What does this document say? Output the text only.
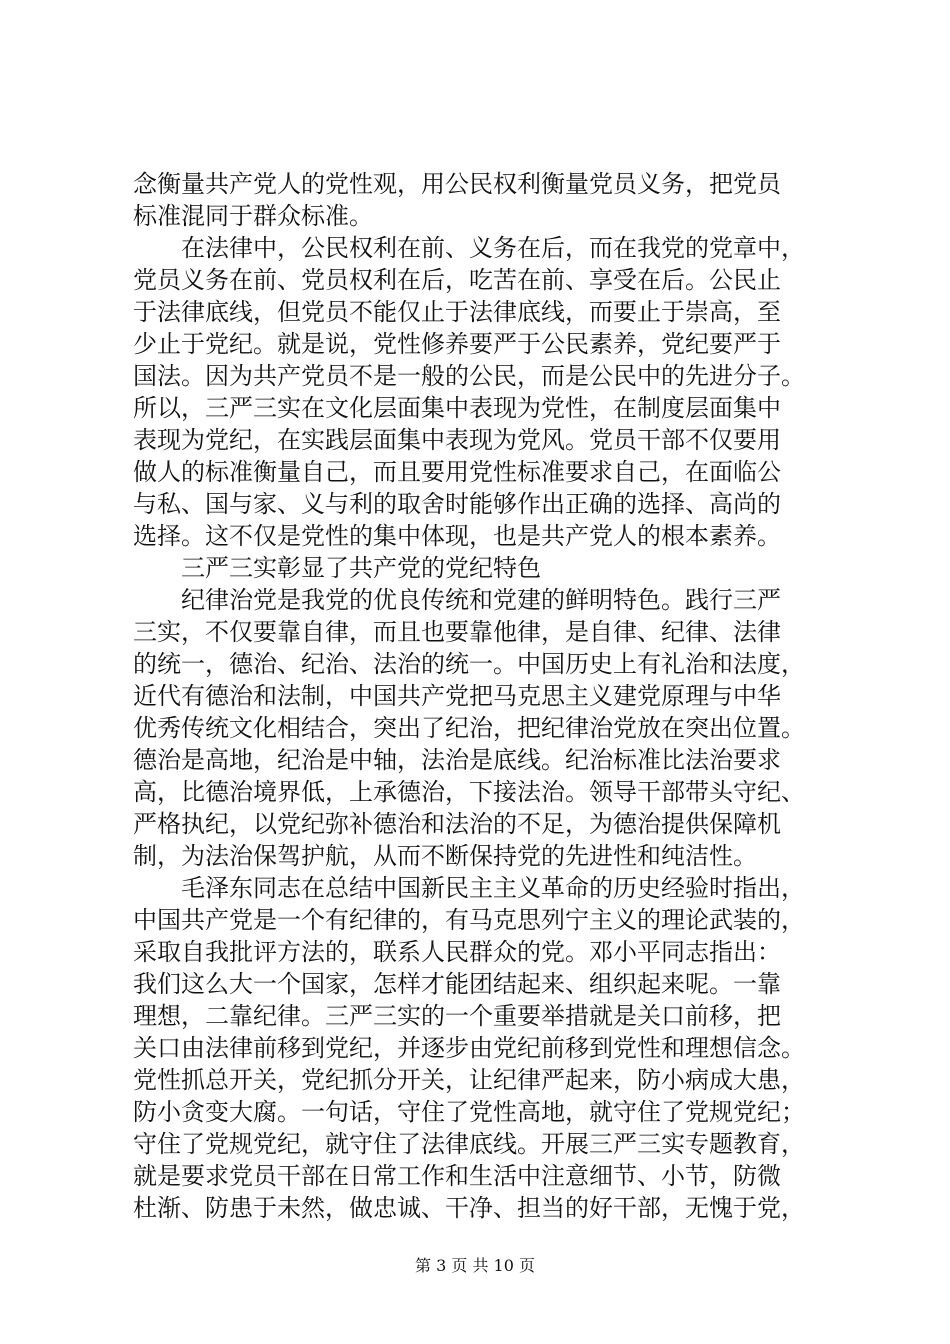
念衡量共产党人的党性观，用公民权利衡量党员义务，把党员
标准混同于群众标准。
　　在法律中，公民权利在前、义务在后，而在我党的党章中，
党员义务在前、党员权利在后，吃苦在前、享受在后。公民止
于法律底线，但党员不能仅止于法律底线，而要止于崇高，至
少止于党纪。就是说，党性修养要严于公民素养，党纪要严于
国法。因为共产党员不是一般的公民，而是公民中的先进分子。
所以，三严三实在文化层面集中表现为党性，在制度层面集中
表现为党纪，在实践层面集中表现为党风。党员干部不仅要用
做人的标准衡量自己，而且要用党性标准要求自己，在面临公
与私、国与家、义与利的取舍时能够作出正确的选择、高尚的
选择。这不仅是党性的集中体现，也是共产党人的根本素养。
　　三严三实彰显了共产党的党纪特色
　　纪律治党是我党的优良传统和党建的鲜明特色。践行三严
三实，不仅要靠自律，而且也要靠他律，是自律、纪律、法律
的统一，德治、纪治、法治的统一。中国历史上有礼治和法度，
近代有德治和法制，中国共产党把马克思主义建党原理与中华
优秀传统文化相结合，突出了纪治，把纪律治党放在突出位置。
德治是高地，纪治是中轴，法治是底线。纪治标准比法治要求
高，比德治境界低，上承德治，下接法治。领导干部带头守纪、
严格执纪，以党纪弥补德治和法治的不足，为德治提供保障机
制，为法治保驾护航，从而不断保持党的先进性和纯洁性。
　　毛泽东同志在总结中国新民主主义革命的历史经验时指出，
中国共产党是一个有纪律的，有马克思列宁主义的理论武装的，
采取自我批评方法的，联系人民群众的党。邓小平同志指出：
我们这么大一个国家，怎样才能团结起来、组织起来呢。一靠
理想，二靠纪律。三严三实的一个重要举措就是关口前移，把
关口由法律前移到党纪，并逐步由党纪前移到党性和理想信念。
党性抓总开关，党纪抓分开关，让纪律严起来，防小病成大患，
防小贪变大腐。一句话，守住了党性高地，就守住了党规党纪；
守住了党规党纪，就守住了法律底线。开展三严三实专题教育，
就是要求党员干部在日常工作和生活中注意细节、小节，防微
杜渐、防患于未然，做忠诚、干净、担当的好干部，无愧于党，
第 3 页 共 10 页
